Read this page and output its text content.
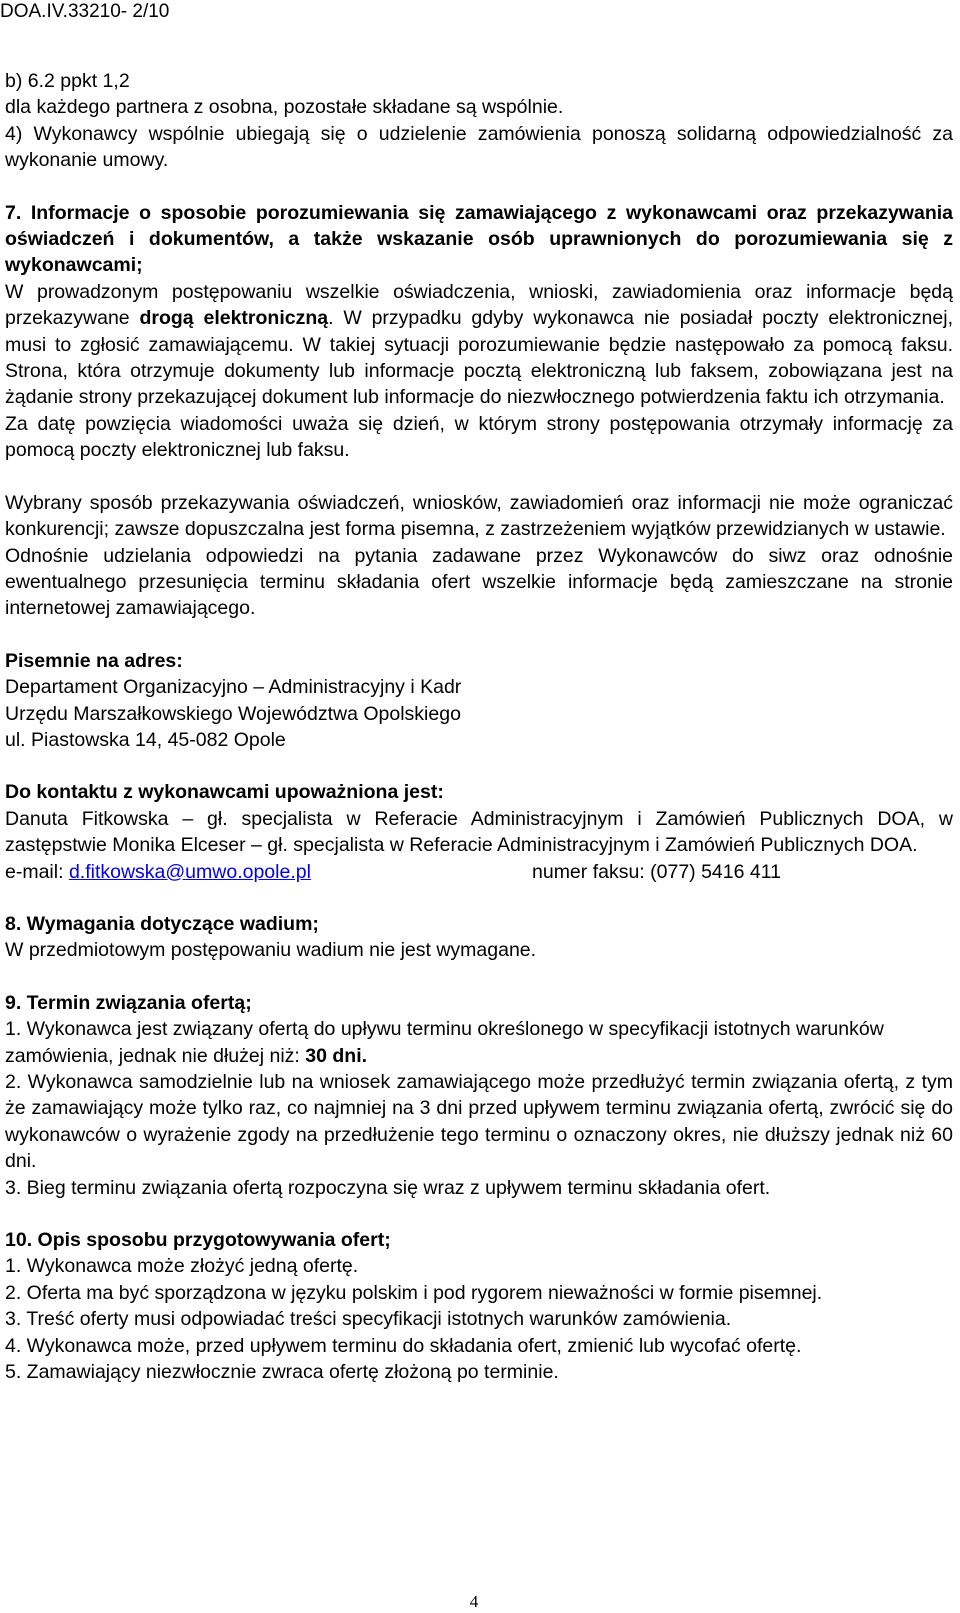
DOA.IV.33210- 2/10

b) 6.2 ppkt 1,2

dla każdego partnera z osobna, pozostałe składane są wspólnie.

4) Wykonawcy wspólnie ubiegają się o udzielenie zamówienia ponoszą solidarną odpowiedzialność za wykonanie umowy.

7. Informacje o sposobie porozumiewania się zamawiającego z wykonawcami oraz przekazywania oświadczeń i dokumentów, a także wskazanie osób uprawnionych do porozumiewania się z wykonawcami;

W prowadzonym postępowaniu wszelkie oświadczenia, wnioski, zawiadomienia oraz informacje będą przekazywane drogą elektroniczną. W przypadku gdyby wykonawca nie posiadał poczty elektronicznej, musi to zgłosić zamawiającemu. W takiej sytuacji porozumiewanie będzie następowało za pomocą faksu. Strona, która otrzymuje dokumenty lub informacje pocztą elektroniczną lub faksem, zobowiązana jest na żądanie strony przekazującej dokument lub informacje do niezwłocznego potwierdzenia faktu ich otrzymania.

Za datę powzięcia wiadomości uważa się dzień, w którym strony postępowania otrzymały informację za pomocą poczty elektronicznej lub faksu.

Wybrany sposób przekazywania oświadczeń, wniosków, zawiadomień oraz informacji nie może ograniczać konkurencji; zawsze dopuszczalna jest forma pisemna, z zastrzeżeniem wyjątków przewidzianych w ustawie.

Odnośnie udzielania odpowiedzi na pytania zadawane przez Wykonawców do siwz oraz odnośnie ewentualnego przesunięcia terminu składania ofert wszelkie informacje będą zamieszczane na stronie internetowej zamawiającego.

Pisemnie na adres:

Departament Organizacyjno – Administracyjny i Kadr

Urzędu Marszałkowskiego Województwa Opolskiego

ul. Piastowska 14, 45-082 Opole

Do kontaktu z wykonawcami upoważniona jest:

Danuta Fitkowska – gł. specjalista w Referacie Administracyjnym i Zamówień Publicznych DOA, w zastępstwie Monika Elceser – gł. specjalista w Referacie Administracyjnym i Zamówień Publicznych DOA.

e-mail: d.fitkowska@umwo.opole.pl	numer faksu: (077) 5416 411

8. Wymagania dotyczące wadium;

W przedmiotowym postępowaniu wadium nie jest wymagane.

9. Termin związania ofertą;

1. Wykonawca jest związany ofertą do upływu terminu określonego w specyfikacji istotnych warunków zamówienia, jednak nie dłużej niż: 30 dni.

2. Wykonawca samodzielnie lub na wniosek zamawiającego może przedłużyć termin związania ofertą, z tym że zamawiający może tylko raz, co najmniej na 3 dni przed upływem terminu związania ofertą, zwrócić się do wykonawców o wyrażenie zgody na przedłużenie tego terminu o oznaczony okres, nie dłuższy jednak niż 60 dni.

3. Bieg terminu związania ofertą rozpoczyna się wraz z upływem terminu składania ofert.

10. Opis sposobu przygotowywania ofert;

1. Wykonawca może złożyć jedną ofertę.

2. Oferta ma być sporządzona w języku polskim i pod rygorem nieważności w formie pisemnej.

3. Treść oferty musi odpowiadać treści specyfikacji istotnych warunków zamówienia.

4. Wykonawca może, przed upływem terminu do składania ofert, zmienić lub wycofać ofertę.

5. Zamawiający niezwłocznie zwraca ofertę złożoną po terminie.

4
